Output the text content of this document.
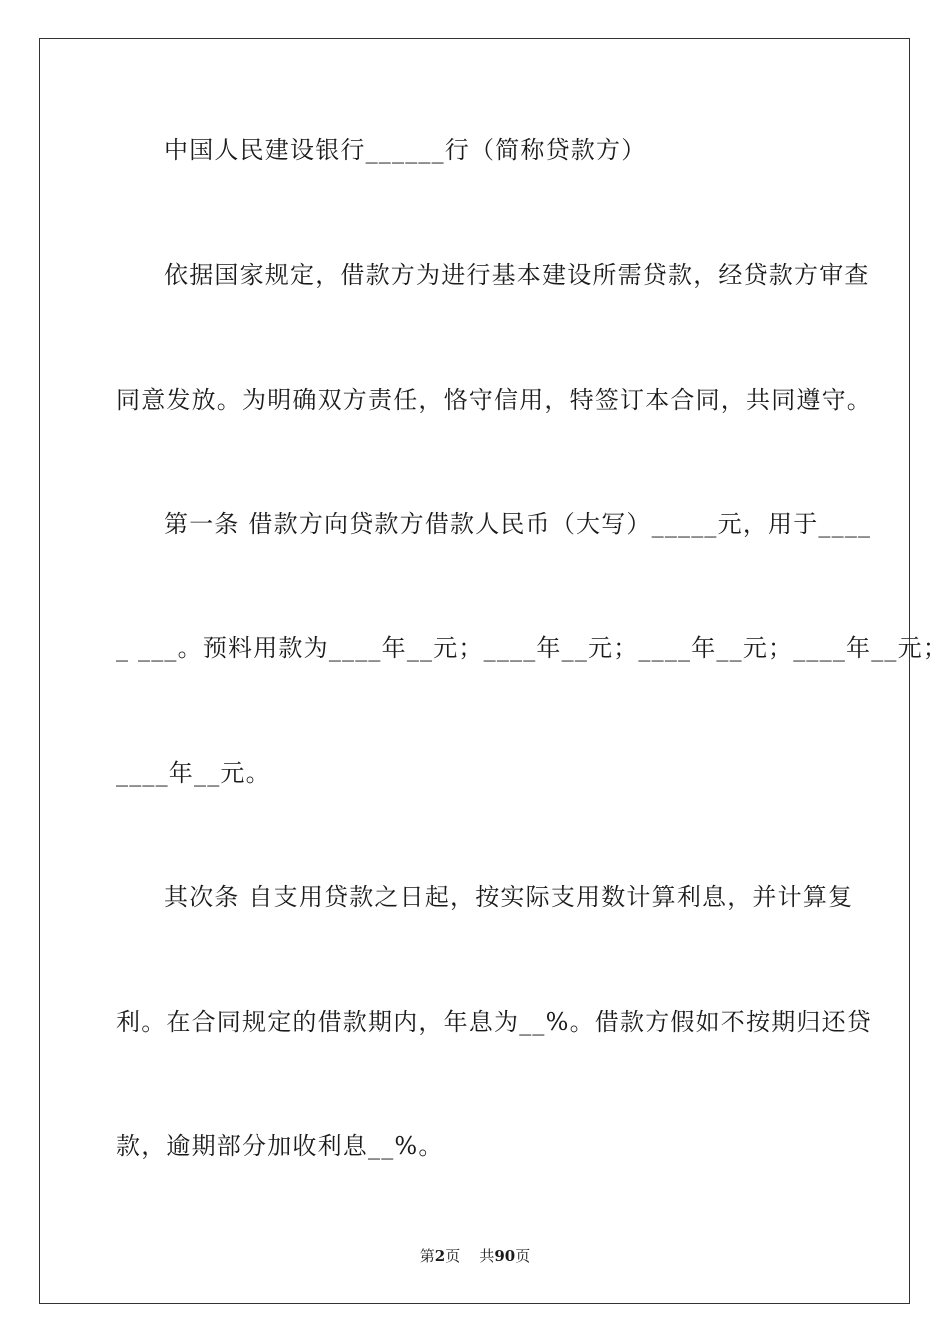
中国人民建设银行______行（简称贷款方）
依据国家规定，借款方为进行基本建设所需贷款，经贷款方审查
同意发放。为明确双方责任，恪守信用，特签订本合同，共同遵守。
第一条 借款方向贷款方借款人民币（大写）_____元，用于____
_ ___。预料用款为____年__元；____年__元；____年__元；____年__元；
____年__元。
其次条 自支用贷款之日起，按实际支用数计算利息，并计算复
利。在合同规定的借款期内，年息为__%。借款方假如不按期归还贷
款，逾期部分加收利息__%。
第2页 共90页
